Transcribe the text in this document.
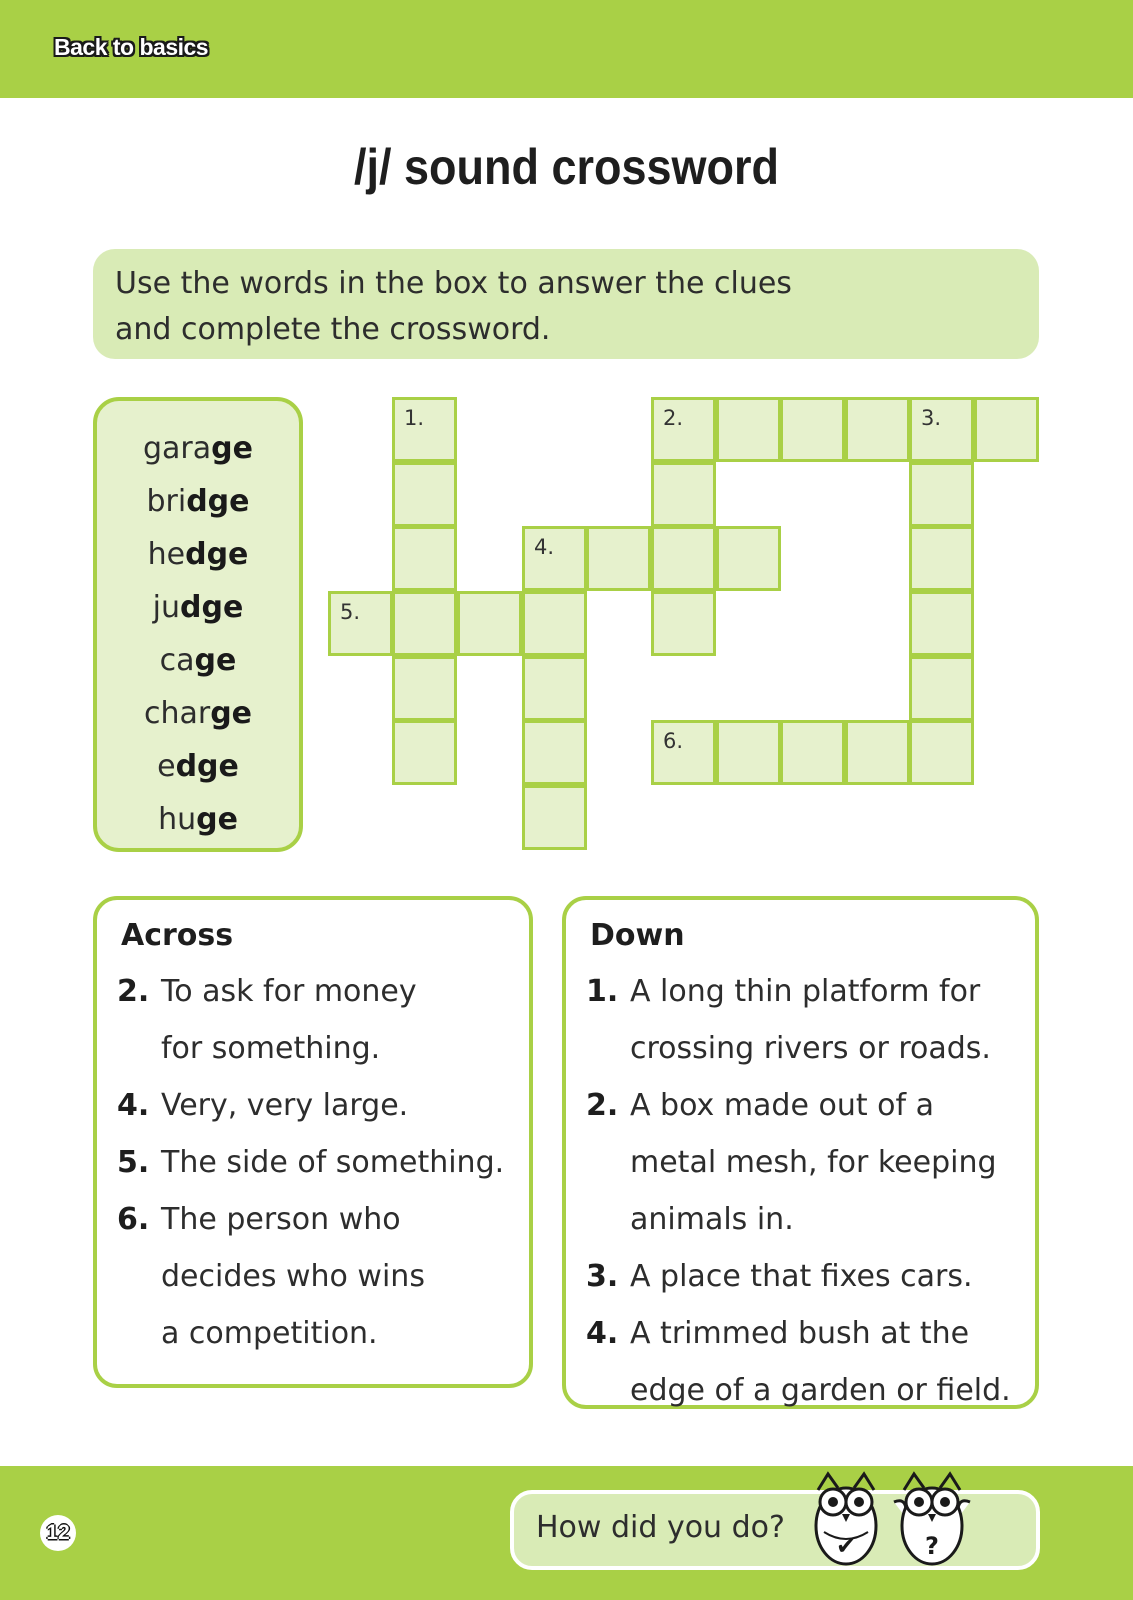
Back to basics
/j/ sound crossword

Use the words in the box to answer the clues

and complete the crossword.

garage
bridge
hedge
judge
cage
charge
edge
huge
1.	2.	3.
4.
5.
6.
Across
2. To ask for money
for something.
4. Very, very large.
5. The side of something.
6. The person who
decides who wins
a competition.
Down
1. A long thin platform for
crossing rivers or roads.
2. A box made out of a
metal mesh, for keeping
animals in.
3. A place that fixes cars.
4. A trimmed bush at the
edge of a garden or field.
12	How did you do?
✔	?
